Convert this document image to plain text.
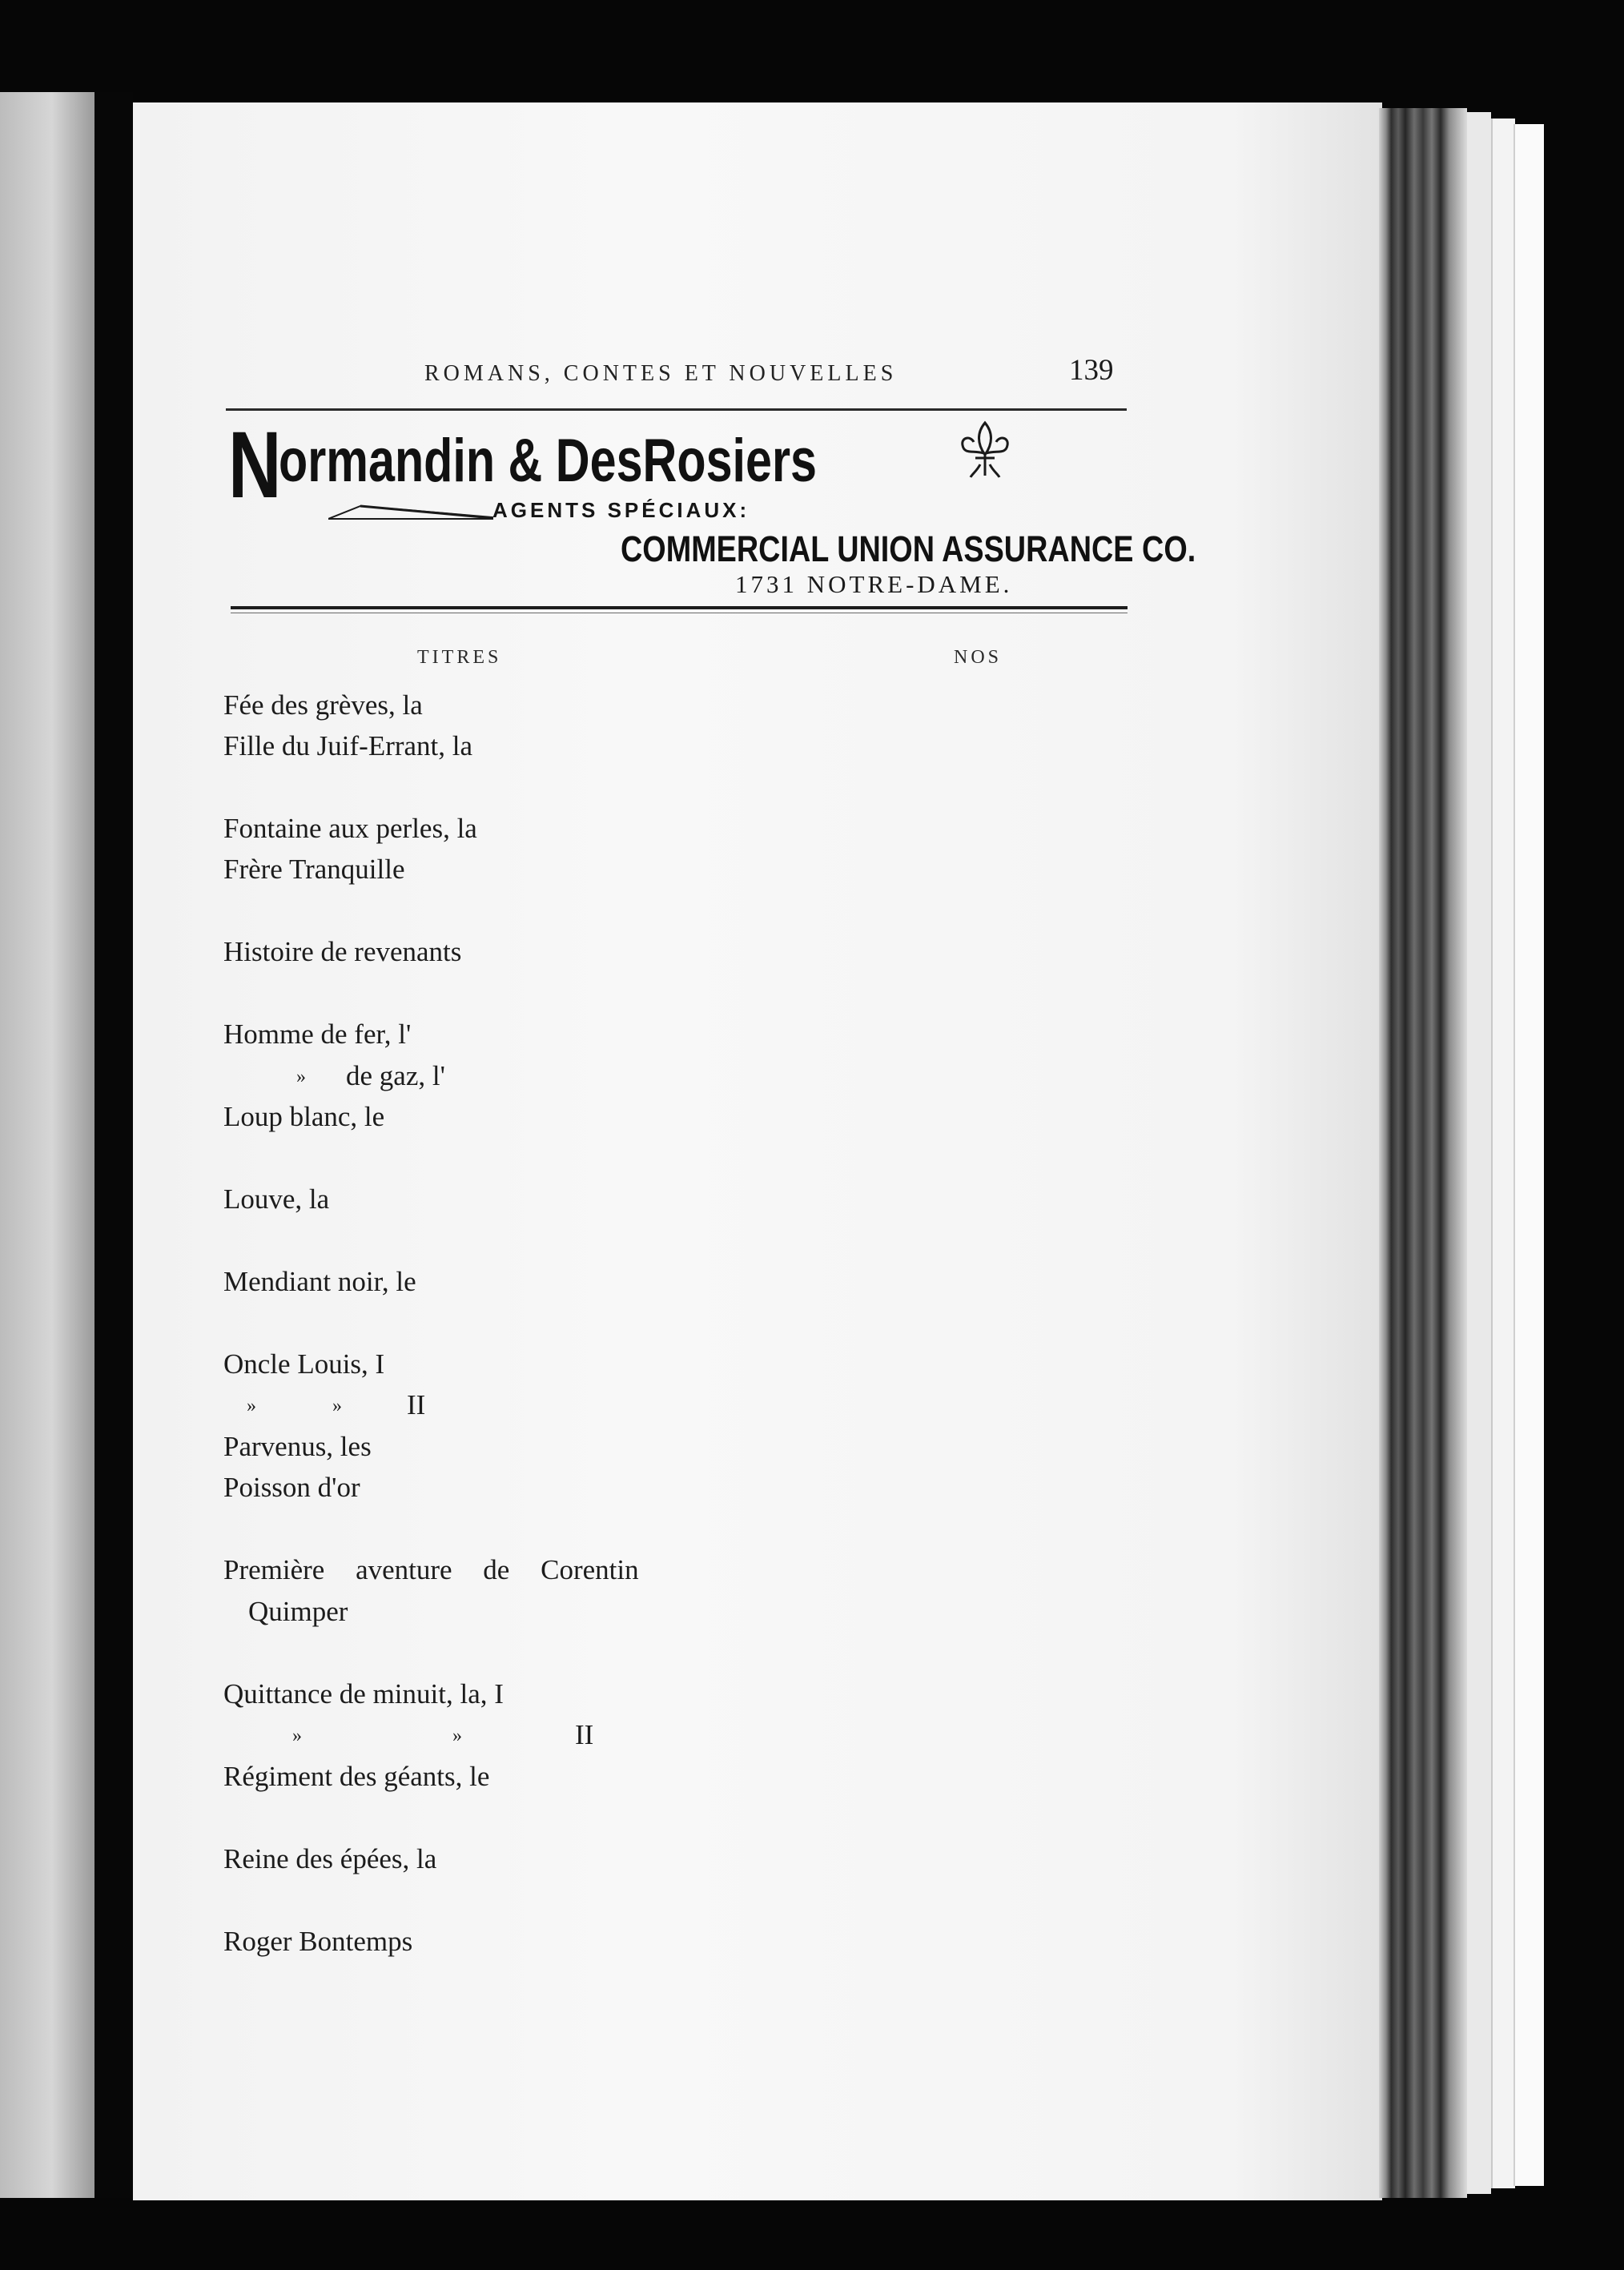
ROMANS, CONTES ET NOUVELLES	139
Normandin & DesRosiers
AGENTS SPÉCIAUX:
COMMERCIAL UNION ASSURANCE CO.
1731 NOTRE-DAME.
TITRES	NOS
Fée des grèves, la
Fille du Juif-Errant, la
Fontaine aux perles, la
Frère Tranquille
Histoire de revenants
Homme de fer, l'
» de gaz, l'
Loup blanc, le
Louve, la
Mendiant noir, le
Oncle Louis, I
»	» II
Parvenus, les
Poisson d'or
Première aventure de Corentin
Quimper
Quittance de minuit, la, I
»	»	II
Régiment des géants, le
Reine des épées, la
Roger Bontemps
